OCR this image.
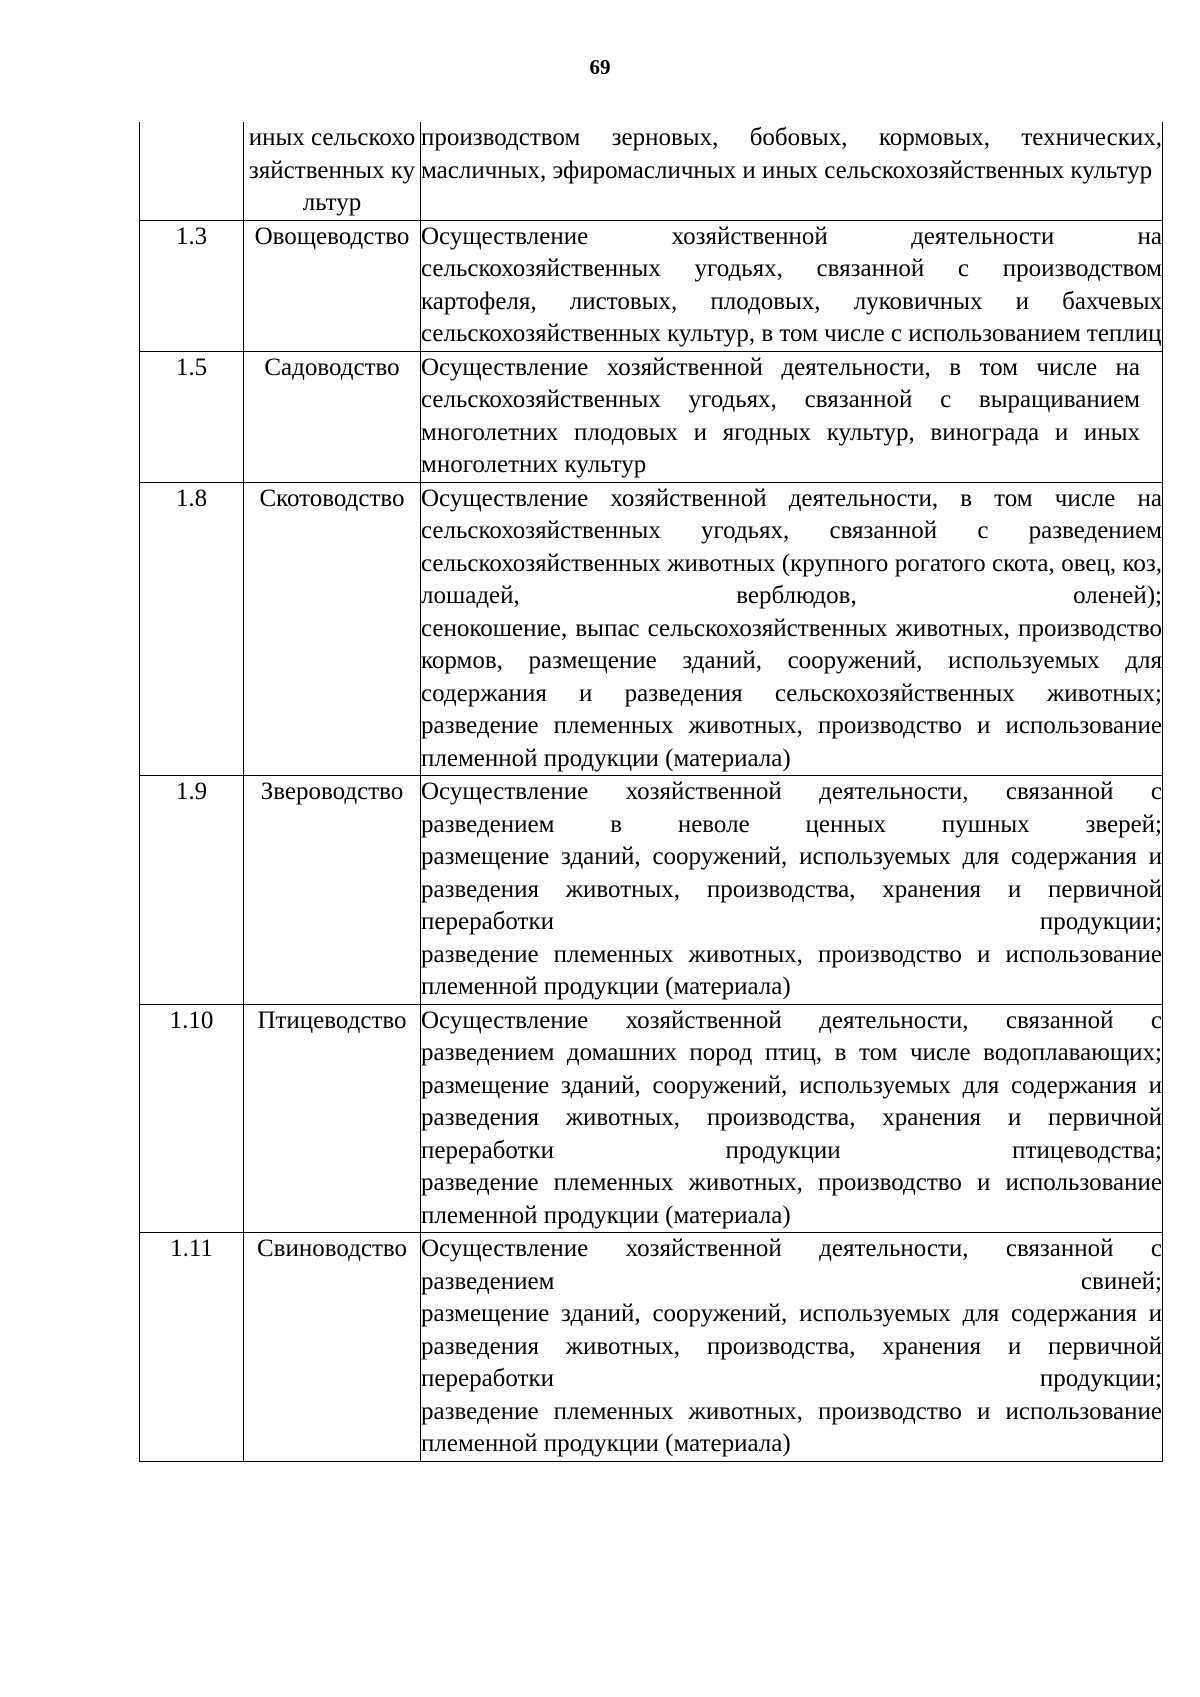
69
	иных сельскохозяйственных культур	производством зерновых, бобовых, кормовых, технических, масличных, эфиромасличных и иных сельскохозяйственных культур

1.3	Овощеводство	Осуществление хозяйственной деятельности на сельскохозяйственных угодьях, связанной с производством картофеля, листовых, плодовых, луковичных и бахчевых сельскохозяйственных культур, в том числе с использованием теплиц

1.5	Садоводство	Осуществление хозяйственной деятельности, в том числе на сельскохозяйственных угодьях, связанной с выращиванием многолетних плодовых и ягодных культур, винограда и иных многолетних культур

1.8	Скотоводство	Осуществление хозяйственной деятельности, в том числе на сельскохозяйственных угодьях, связанной с разведением сельскохозяйственных животных (крупного рогатого скота, овец, коз, лошадей, верблюдов, оленей);

сенокошение, выпас сельскохозяйственных животных, производство кормов, размещение зданий, сооружений, используемых для содержания и разведения сельскохозяйственных животных;

разведение племенных животных, производство и использование племенной продукции (материала)

1.9	Звероводство	Осуществление хозяйственной деятельности, связанной с разведением в неволе ценных пушных зверей;

размещение зданий, сооружений, используемых для содержания и разведения животных, производства, хранения и первичной переработки продукции;

разведение племенных животных, производство и использование племенной продукции (материала)

1.10	Птицеводство	Осуществление хозяйственной деятельности, связанной с разведением домашних пород птиц, в том числе водоплавающих;

размещение зданий, сооружений, используемых для содержания и разведения животных, производства, хранения и первичной переработки продукции птицеводства;

разведение племенных животных, производство и использование племенной продукции (материала)

1.11	Свиноводство	Осуществление хозяйственной деятельности, связанной с разведением свиней;

размещение зданий, сооружений, используемых для содержания и разведения животных, производства, хранения и первичной переработки продукции;

разведение племенных животных, производство и использование племенной продукции (материала)
